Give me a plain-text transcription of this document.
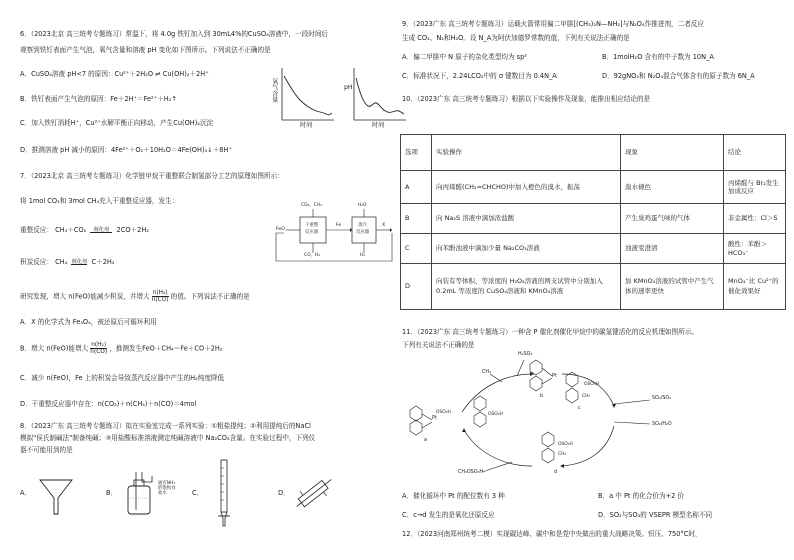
6．（2023北京 高三统考专题练习）常温下，将 4.0g 铁钉加入到 30mL4%的CuSO₄溶液中，一段时间后
观察到铁钉表面产生气泡，氧气含量和溶液 pH 变化如下图所示。下列说法不正确的是
A．CuSO₄溶液 pH<7 的原因：Cu²⁺＋2H₂O ⇌ Cu(OH)₂＋2H⁺
B．铁钉表面产生气泡的原因：Fe＋2H⁺＝Fe²⁺＋H₂↑
C．加入铁钉消耗H⁺，Cu²⁺水解平衡正向移动，产生Cu(OH)₂沉淀
D．推测溶液 pH 减小的原因：4Fe²⁺＋O₂＋10H₂O＝4Fe(OH)₃↓＋8H⁺
氧气含量
时间
pH
时间
7．（2023北京 高三统考专题练习）化学链甲烷干重整联合制氢部分工艺的原理如图所示：
将 1mol CO₂和 3mol CH₄充入干重整反应器，发生：
重整反应： CH₄＋CO₂	催化剂	2CO＋2H₂
积炭反应： CH₄ 催化剂 C＋2H₂
研究发现，增大 n(FeO)能减少积炭，并增大 $\frac{\text{n(H₂)}}{n(CO)}$ 的值。下列说法不正确的是
A．X 的化学式为 Fe₃O₄，被还原后可循环利用
B．增大 n(FeO)能增大 $\frac{\text{n(H₂)}}{n(CO)}$ ，推测发生FeO＋CH₄＝Fe＋CO＋2H₂
C．减少 n(FeO)，Fe 上的积炭会导致蒸汽反应器中产生的H₂纯度降低
D．干重整反应器中存在：n(CO₂)＋n(CH₄)＋n(CO)＝4mol
FeO
干重整
反应器
Fe	蒸汽
反应器
X
CO₂、CH₄
CO、H₂
H₂O
H₂
8．（2023广东 高三统考专题练习）拟在实验室完成一系列实验：①粗盐提纯；②利用提纯后的NaCl
模拟"侯氏制碱法"制备纯碱；③用盐酸标准溶液测定纯碱溶液中 Na₂CO₃含量。在实验过程中，下列仪
器不可能用到的是
A．	B．
通有NH₃
的饱和食
盐水	C．	D．
9．（2023广东 高三统考专题练习）运载火箭常用偏二甲肼[(CH₃)₂N—NH₂]与N₂O₄作推进剂，二者反应
生成 CO₂、N₂和H₂O。设 N_A为阿伏加德罗常数的值，下列有关说法正确的是
A．偏二甲肼中 N 原子的杂化类型均为 sp²	B．1molH₂O 含有的中子数为 10N_A
C．标准状况下，2.24LCO₂中的 σ 键数目为 0.4N_A	D．92gNO₂和 N₂O₄混合气体含有的原子数为 6N_A
10．（2023广东 高三统考专题练习）根据以下实验操作及现象，能推出相应结论的是
选项	实验操作	现象	结论
A	向丙烯醛(CH₂=CHCHO)中加入橙色的溴水，振荡	溴水褪色	丙烯醛与 Br₂发生加成反应
B	向 Na₂S 溶液中滴加浓盐酸	产生臭鸡蛋气味的气体	非金属性：Cl＞S
C	向苯酚浊液中滴加少量 Na₂CO₃溶液	浊液变澄清	酸性：苯酚＞HCO₃⁻
D	向装有等体积、等浓度的 H₂O₂溶液的两支试管中分别加入 0.2mL 等浓度的 CuSO₄溶液和 KMnO₄溶液	加 KMnO₄溶液的试管中产生气体的速率更快	MnO₄⁻比 Cu²⁺的催化效果好
11．（2023广东 高三统考专题练习）一种含 P 催化剂催化甲烷中的碳氢键活化的反应机理如图所示。
下列有关说法不正确的是
H₂SO₄
CH₄
SO₂/SO₃
SO₂/H₂O
CH₃OSO₃H
Pt
OSO₃H
a
Pt
b
OSO₃H
OSO₃H
CH₃
c
OSO₃H
CH₃
d
A．催化循环中 Pt 的配位数有 3 种	B．a 中 Pt 的化合价为+2 价
C．c→d 发生的是氧化还原反应	D．SO₂与SO₃的 VSEPR 模型名称不同
12．（2023河南郑州统考二模）实现碳达峰、碳中和是党中央做出的重大战略决策。恒压、750°C时，
